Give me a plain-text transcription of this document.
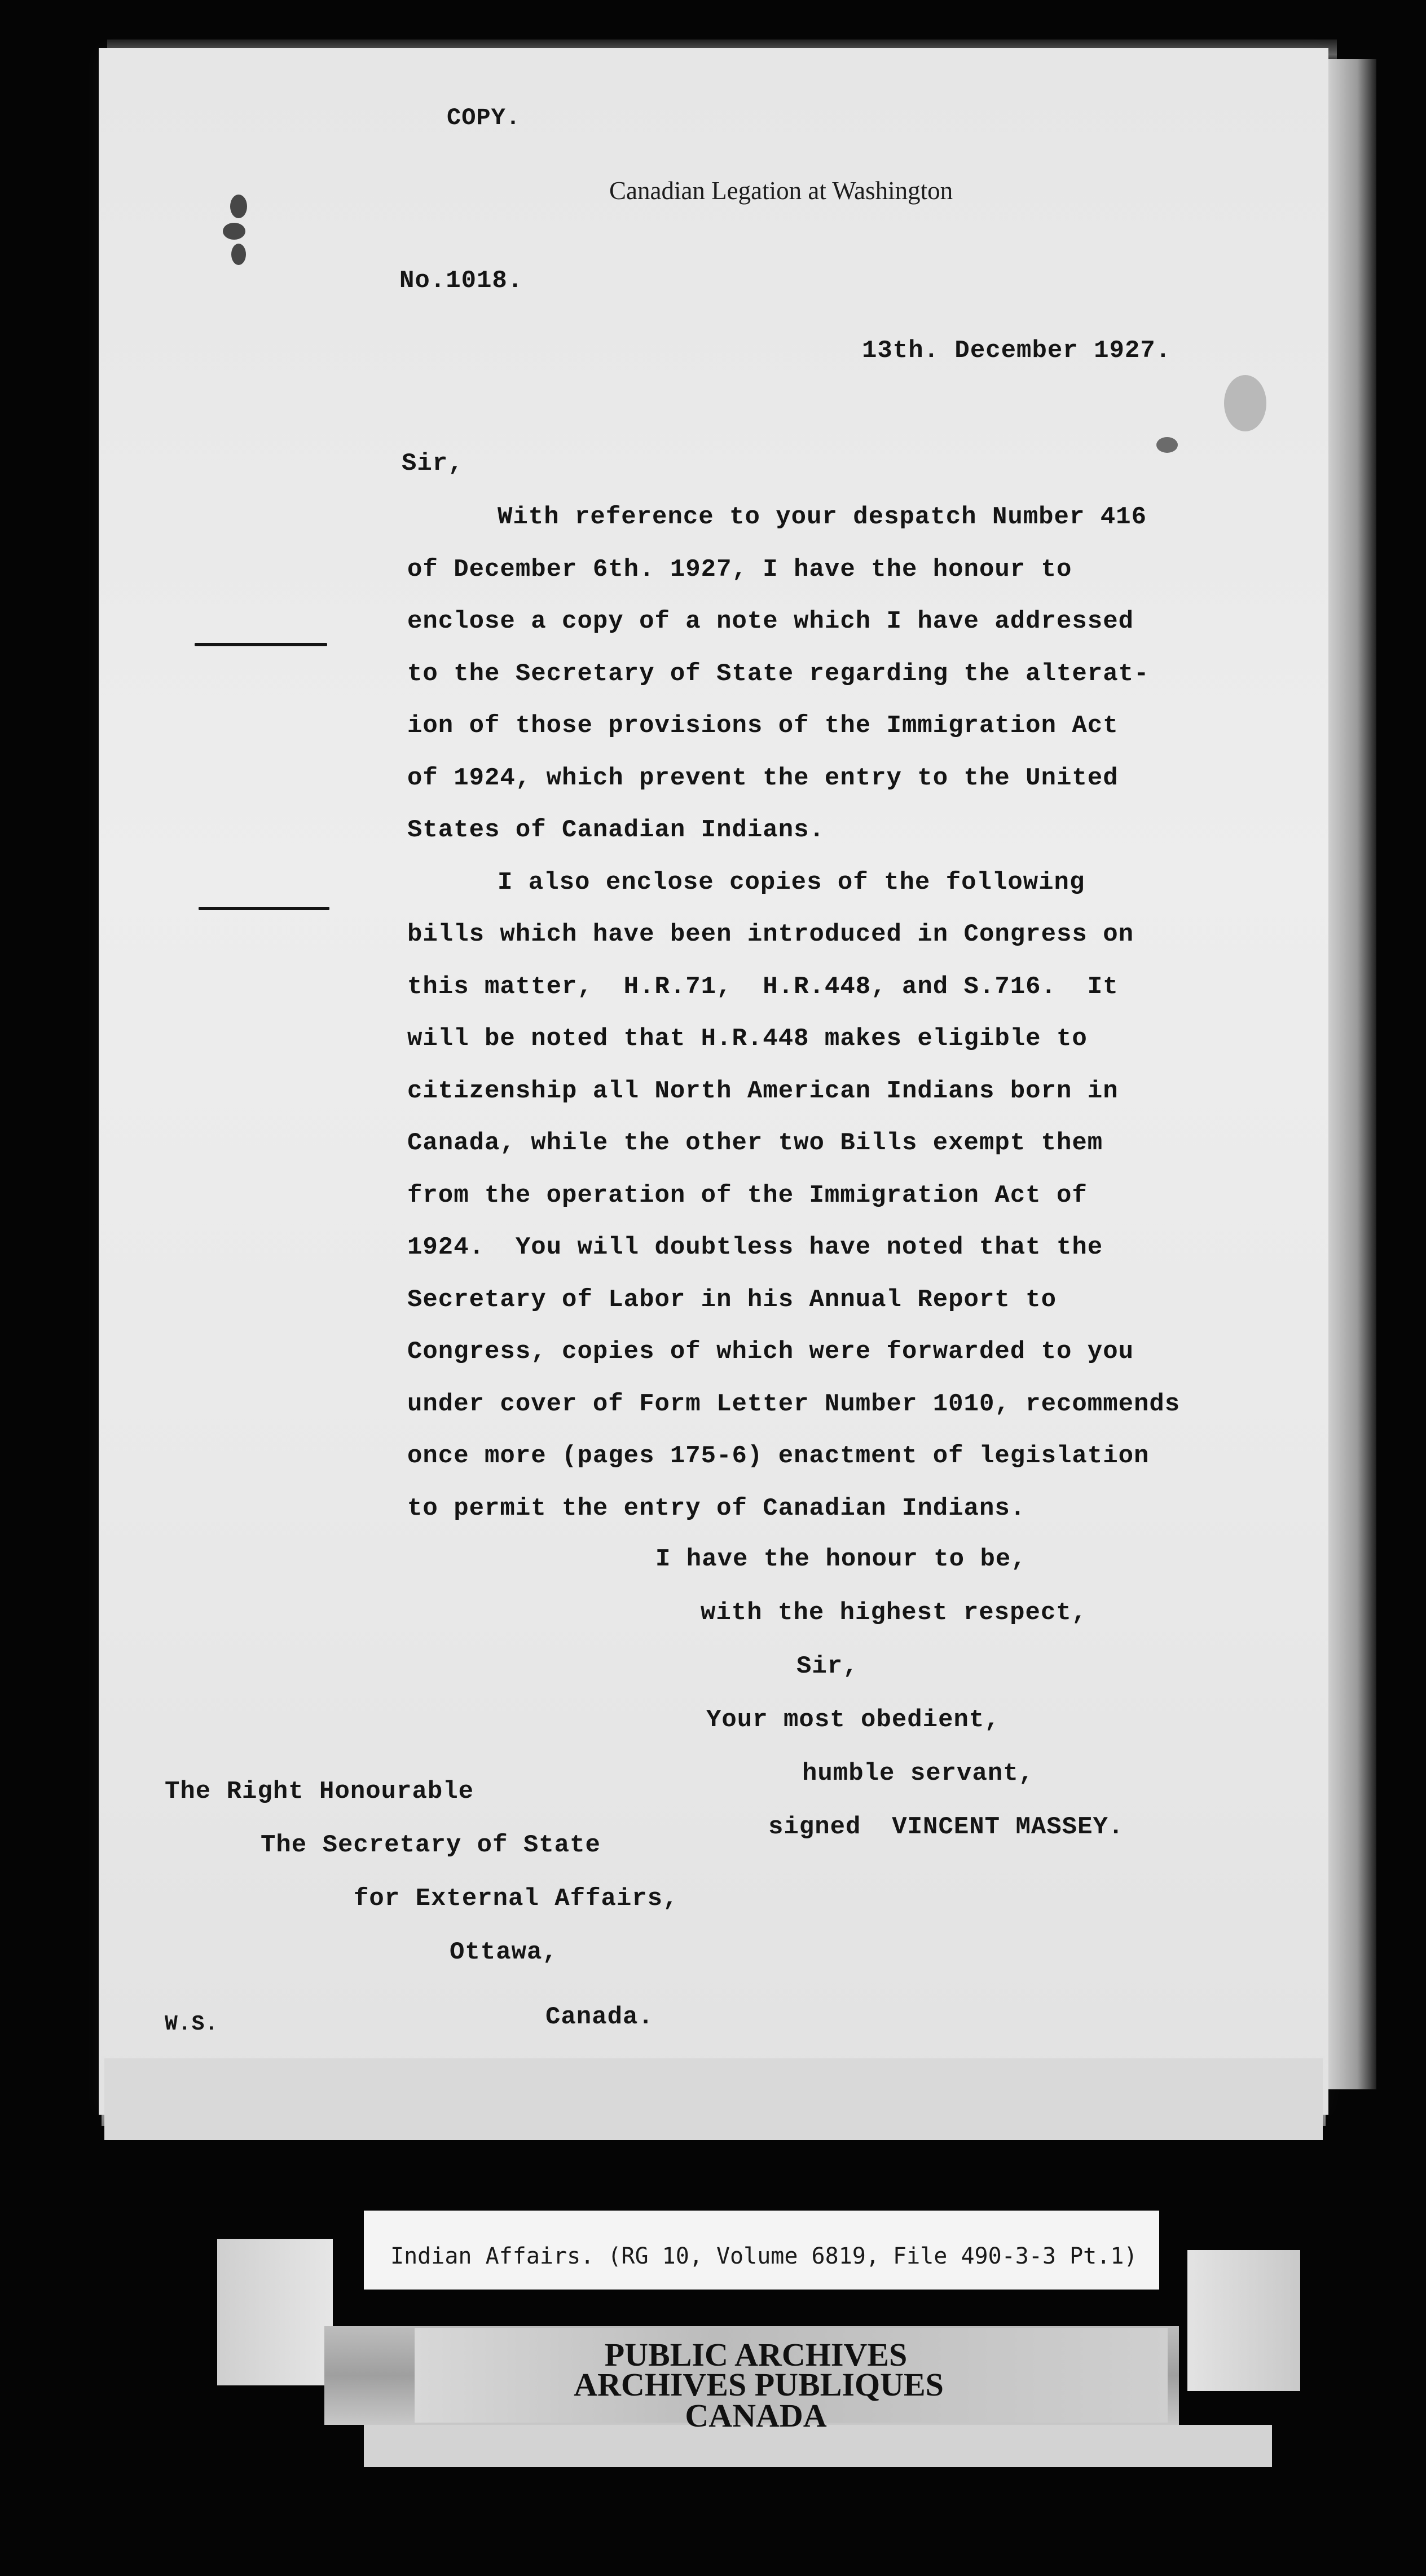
COPY.
Canadian Legation at Washington
No.1018.
13th. December 1927.
Sir,
With reference to your despatch Number 416
of December 6th. 1927, I have the honour to
enclose a copy of a note which I have addressed
to the Secretary of State regarding the alterat-
ion of those provisions of the Immigration Act
of 1924, which prevent the entry to the United
States of Canadian Indians.
I also enclose copies of the following
bills which have been introduced in Congress on
this matter,  H.R.71,  H.R.448, and S.716.  It
will be noted that H.R.448 makes eligible to
citizenship all North American Indians born in
Canada, while the other two Bills exempt them
from the operation of the Immigration Act of
1924.  You will doubtless have noted that the
Secretary of Labor in his Annual Report to
Congress, copies of which were forwarded to you
under cover of Form Letter Number 1010, recommends
once more (pages 175-6) enactment of legislation
to permit the entry of Canadian Indians.
I have the honour to be,
with the highest respect,
Sir,
Your most obedient,
humble servant,
signed  VINCENT MASSEY.
The Right Honourable
The Secretary of State
for External Affairs,
Ottawa,
Canada.
W.S.
Indian Affairs. (RG 10, Volume 6819, File 490-3-3 Pt.1)
PUBLIC ARCHIVES
ARCHIVES PUBLIQUES
CANADA
